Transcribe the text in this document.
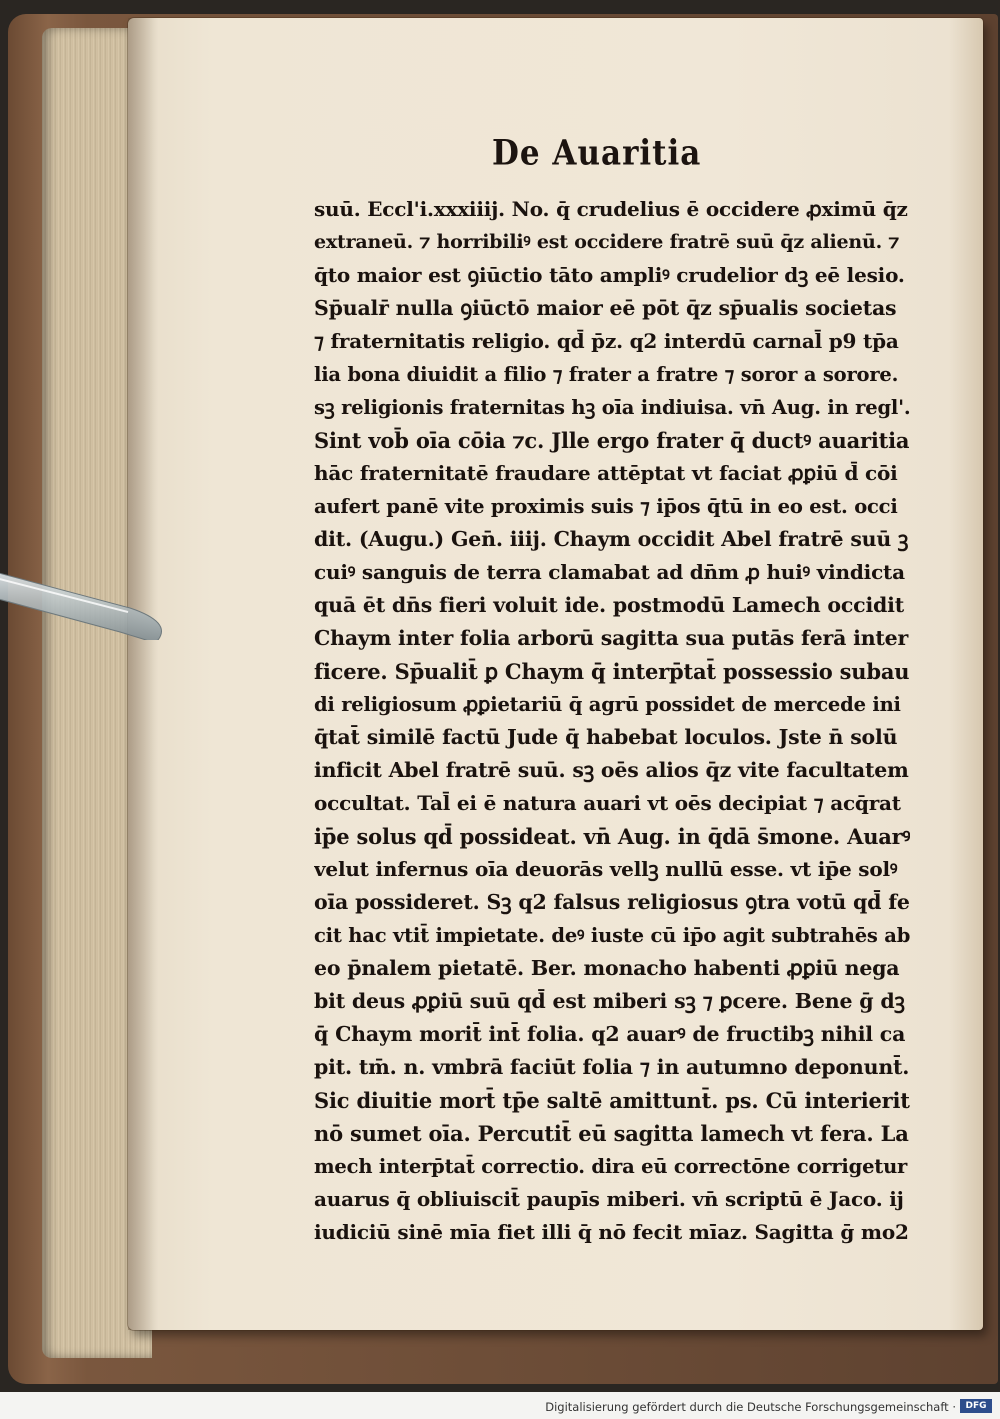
De Auaritia
suū. Eccl'i.xxxiiij. No. q̄ crudelius ē occidere ꝓximū q̄z
extraneū. ⁊ horribiliꝰ est occidere fratrē suū q̄z alienū. ⁊
q̄to maior est ꝯiūctio tāto ampliꝰ crudelior dꝫ eē lesio.
Sp̄ualr̄ nulla ꝯiūctō maior eē pōt q̄z sp̄ualis societas
⁊ fraternitatis religio. qd̄ p̄z. q2 interdū carnal̄ p9 tp̄a
lia bona diuidit a filio ⁊ frater a fratre ⁊ soror a sorore.
sꝫ religionis fraternitas hꝫ oīa indiuisa. vn̄ Aug. in regl'.
Sint vob̄ oīa cōia ⁊c. Jlle ergo frater q̄ ductꝰ auaritia
hāc fraternitatē fraudare attēptat vt faciat ꝓꝑiū d̄ cōi
aufert panē vite proximis suis ⁊ ip̄os q̄tū in eo est. occi
dit. (Augu.) Gen̄. iiij. Chaym occidit Abel fratrē suū ꝫ
cuiꝰ sanguis de terra clamabat ad dn̄m ꝓ huiꝰ vindicta
quā ēt dn̄s fieri voluit ide. postmodū Lamech occidit
Chaym inter folia arborū sagitta sua putās ferā inter
ficere. Sp̄ualit̄ ꝑ Chaym q̄ interp̄tat̄ possessio subau
di religiosum ꝓꝑietariū q̄ agrū possidet de mercede ini
q̄tat̄ similē factū Jude q̄ habebat loculos. Jste n̄ solū
inficit Abel fratrē suū. sꝫ oēs alios q̄z vite facultatem
occultat. Tal̄ ei ē natura auari vt oēs decipiat ⁊ acq̄rat
ip̄e solus qd̄ possideat. vn̄ Aug. in q̄dā s̄mone. Auarꝰ
velut infernus oīa deuorās vellꝫ nullū esse. vt ip̄e solꝰ
oīa possideret. Sꝫ q2 falsus religiosus ꝯtra votū qd̄ fe
cit hac vtit̄ impietate. deꝰ iuste cū ip̄o agit subtrahēs ab
eo p̄nalem pietatē. Ber. monacho habenti ꝓꝑiū nega
bit deus ꝓꝑiū suū qd̄ est miberi sꝫ ⁊ ꝑcere. Bene ḡ dꝫ
q̄ Chaym morit̄ int̄ folia. q2 auarꝰ de fructibꝫ nihil ca
pit. tm̄. n. vmbrā faciūt folia ⁊ in autumno deponunt̄.
Sic diuitie mort̄ tp̄e saltē amittunt̄. ps. Cū interierit
nō sumet oīa. Percutit̄ eū sagitta lamech vt fera. La
mech interp̄tat̄ correctio. dira eū correctōne corrigetur
auarus q̄ obliuiscit̄ paupīs miberi. vn̄ scriptū ē Jaco. ij
iudiciū sinē mīa fiet illi q̄ nō fecit mīaz. Sagitta ḡ mo2
Digitalisierung gefördert durch die Deutsche Forschungsgemeinschaft ·	DFG
